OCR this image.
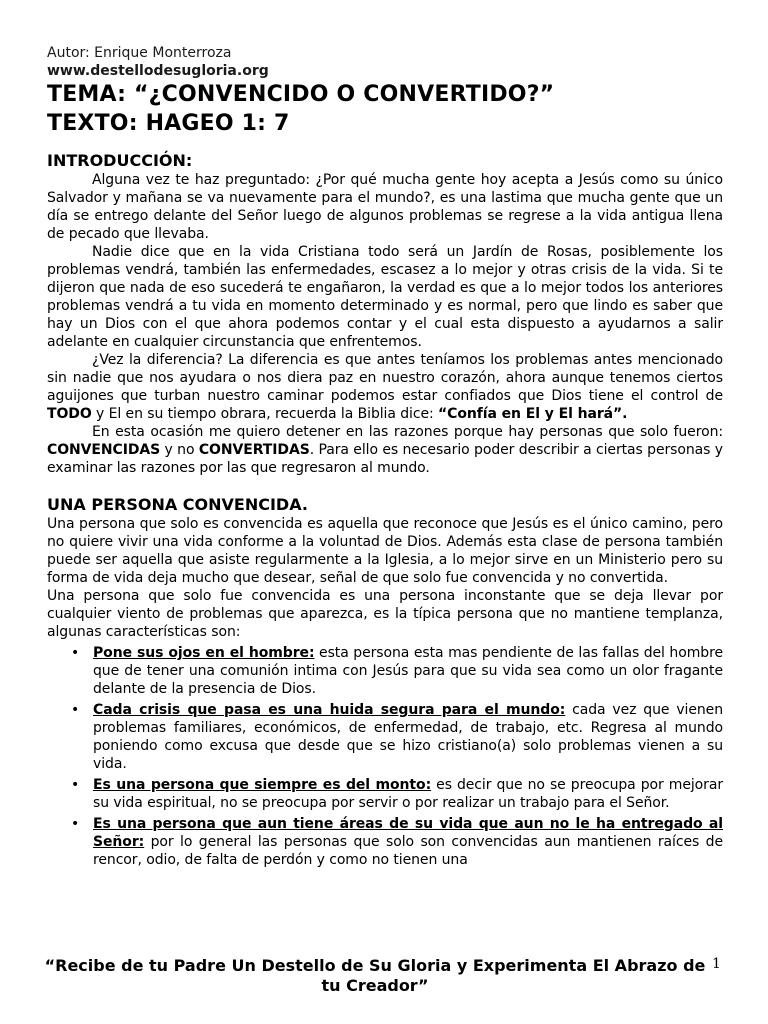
Autor: Enrique Monterroza
www.destellodesugloria.org
TEMA: “¿CONVENCIDO O CONVERTIDO?”
TEXTO: HAGEO 1: 7
INTRODUCCIÓN:

Alguna vez te haz preguntado: ¿Por qué mucha gente hoy acepta a Jesús como su único Salvador y mañana se va nuevamente para el mundo?, es una lastima que mucha gente que un día se entrego delante del Señor luego de algunos problemas se regrese a la vida antigua llena de pecado que llevaba.

Nadie dice que en la vida Cristiana todo será un Jardín de Rosas, posiblemente los problemas vendrá, también las enfermedades, escasez a lo mejor y otras crisis de la vida. Si te dijeron que nada de eso sucederá te engañaron, la verdad es que a lo mejor todos los anteriores problemas vendrá a tu vida en momento determinado y es normal, pero que lindo es saber que hay un Dios con el que ahora podemos contar y el cual esta dispuesto a ayudarnos a salir adelante en cualquier circunstancia que enfrentemos.

¿Vez la diferencia? La diferencia es que antes teníamos los problemas antes mencionado sin nadie que nos ayudara o nos diera paz en nuestro corazón, ahora aunque tenemos ciertos aguijones que turban nuestro caminar podemos estar confiados que Dios tiene el control de TODO y El en su tiempo obrara, recuerda la Biblia dice: “Confía en El y El hará”.

En esta ocasión me quiero detener en las razones porque hay personas que solo fueron: CONVENCIDAS y no CONVERTIDAS. Para ello es necesario poder describir a ciertas personas y examinar las razones por las que regresaron al mundo.

UNA PERSONA CONVENCIDA.

Una persona que solo es convencida es aquella que reconoce que Jesús es el único camino, pero no quiere vivir una vida conforme a la voluntad de Dios. Además esta clase de persona también puede ser aquella que asiste regularmente a la Iglesia, a lo mejor sirve en un Ministerio pero su forma de vida deja mucho que desear, señal de que solo fue convencida y no convertida.

Una persona que solo fue convencida es una persona inconstante que se deja llevar por cualquier viento de problemas que aparezca, es la típica persona que no mantiene templanza, algunas características son:

• Pone sus ojos en el hombre: esta persona esta mas pendiente de las fallas del hombre que de tener una comunión intima con Jesús para que su vida sea como un olor fragante delante de la presencia de Dios.
• Cada crisis que pasa es una huida segura para el mundo: cada vez que vienen problemas familiares, económicos, de enfermedad, de trabajo, etc. Regresa al mundo poniendo como excusa que desde que se hizo cristiano(a) solo problemas vienen a su vida.
• Es una persona que siempre es del monto: es decir que no se preocupa por mejorar su vida espiritual, no se preocupa por servir o por realizar un trabajo para el Señor.
• Es una persona que aun tiene áreas de su vida que aun no le ha entregado al Señor: por lo general las personas que solo son convencidas aun mantienen raíces de rencor, odio, de falta de perdón y como no tienen una
“Recibe de tu Padre Un Destello de Su Gloria y Experimenta El Abrazo de tu Creador”
1
